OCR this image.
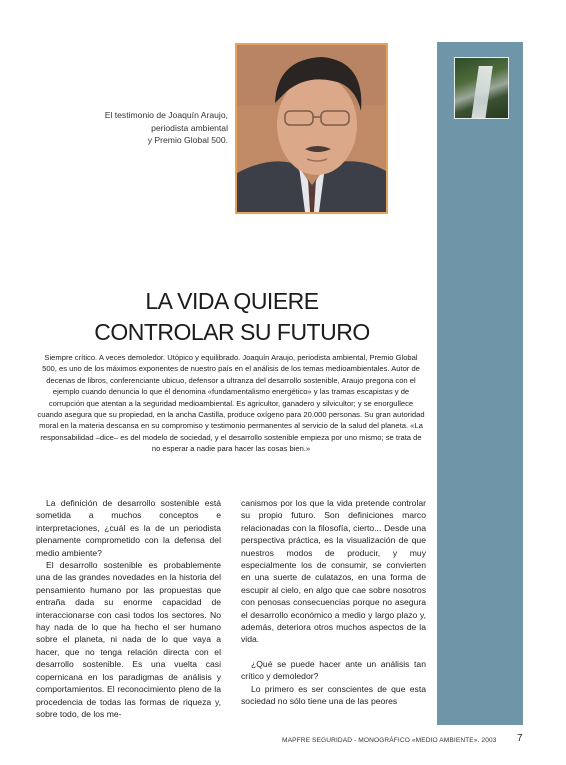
El testimonio de Joaquín Araujo,
periodista ambiental
y Premio Global 500.
LA VIDA QUIERE
CONTROLAR SU FUTURO

Siempre crítico. A veces demoledor. Utópico y equilibrado. Joaquín Araujo, periodista ambiental, Premio Global 500, es uno de los máximos exponentes de nuestro país en el análisis de los temas medioambientales. Autor de decenas de libros, conferenciante ubicuo, defensor a ultranza del desarrollo sostenible, Araujo pregona con el ejemplo cuando denuncia lo que él denomina «fundamentalismo energético» y las tramas escapistas y de corrupción que atentan a la seguridad medioambiental. Es agricultor, ganadero y silvicultor; y se enorgullece cuando asegura que su propiedad, en la ancha Castilla, produce oxígeno para 20.000 personas. Su gran autoridad moral en la materia descansa en su compromiso y testimonio permanentes al servicio de la salud del planeta. «La responsabilidad –dice– es del modelo de sociedad, y el desarrollo sostenible empieza por uno mismo; se trata de no esperar a nadie para hacer las cosas bien.»

La definición de desarrollo sostenible está sometida a muchos conceptos e interpretaciones, ¿cuál es la de un periodista plenamente comprometido con la defensa del medio ambiente?

El desarrollo sostenible es probablemente una de las grandes novedades en la historia del pensamiento humano por las propuestas que entraña dada su enorme capacidad de interaccionarse con casi todos los sectores. No hay nada de lo que ha hecho el ser humano sobre el planeta, ni nada de lo que vaya a hacer, que no tenga relación directa con el desarrollo sostenible. Es una vuelta casi copernicana en los paradigmas de análisis y comportamientos. El reconocimiento pleno de la procedencia de todas las formas de riqueza y, sobre todo, de los me-

canismos por los que la vida pretende controlar su propio futuro. Son definiciones marco relacionadas con la filosofía, cierto... Desde una perspectiva práctica, es la visualización de que nuestros modos de producir, y muy especialmente los de consumir, se convierten en una suerte de culatazos, en una forma de escupir al cielo, en algo que cae sobre nosotros con penosas consecuencias porque no asegura el desarrollo económico a medio y largo plazo y, además, deteriora otros muchos aspectos de la vida.

¿Qué se puede hacer ante un análisis tan crítico y demoledor?

Lo primero es ser conscientes de que esta sociedad no sólo tiene una de las peores

MAPFRE SEGURIDAD - MONOGRÁFICO «MEDIO AMBIENTE». 2003 7
